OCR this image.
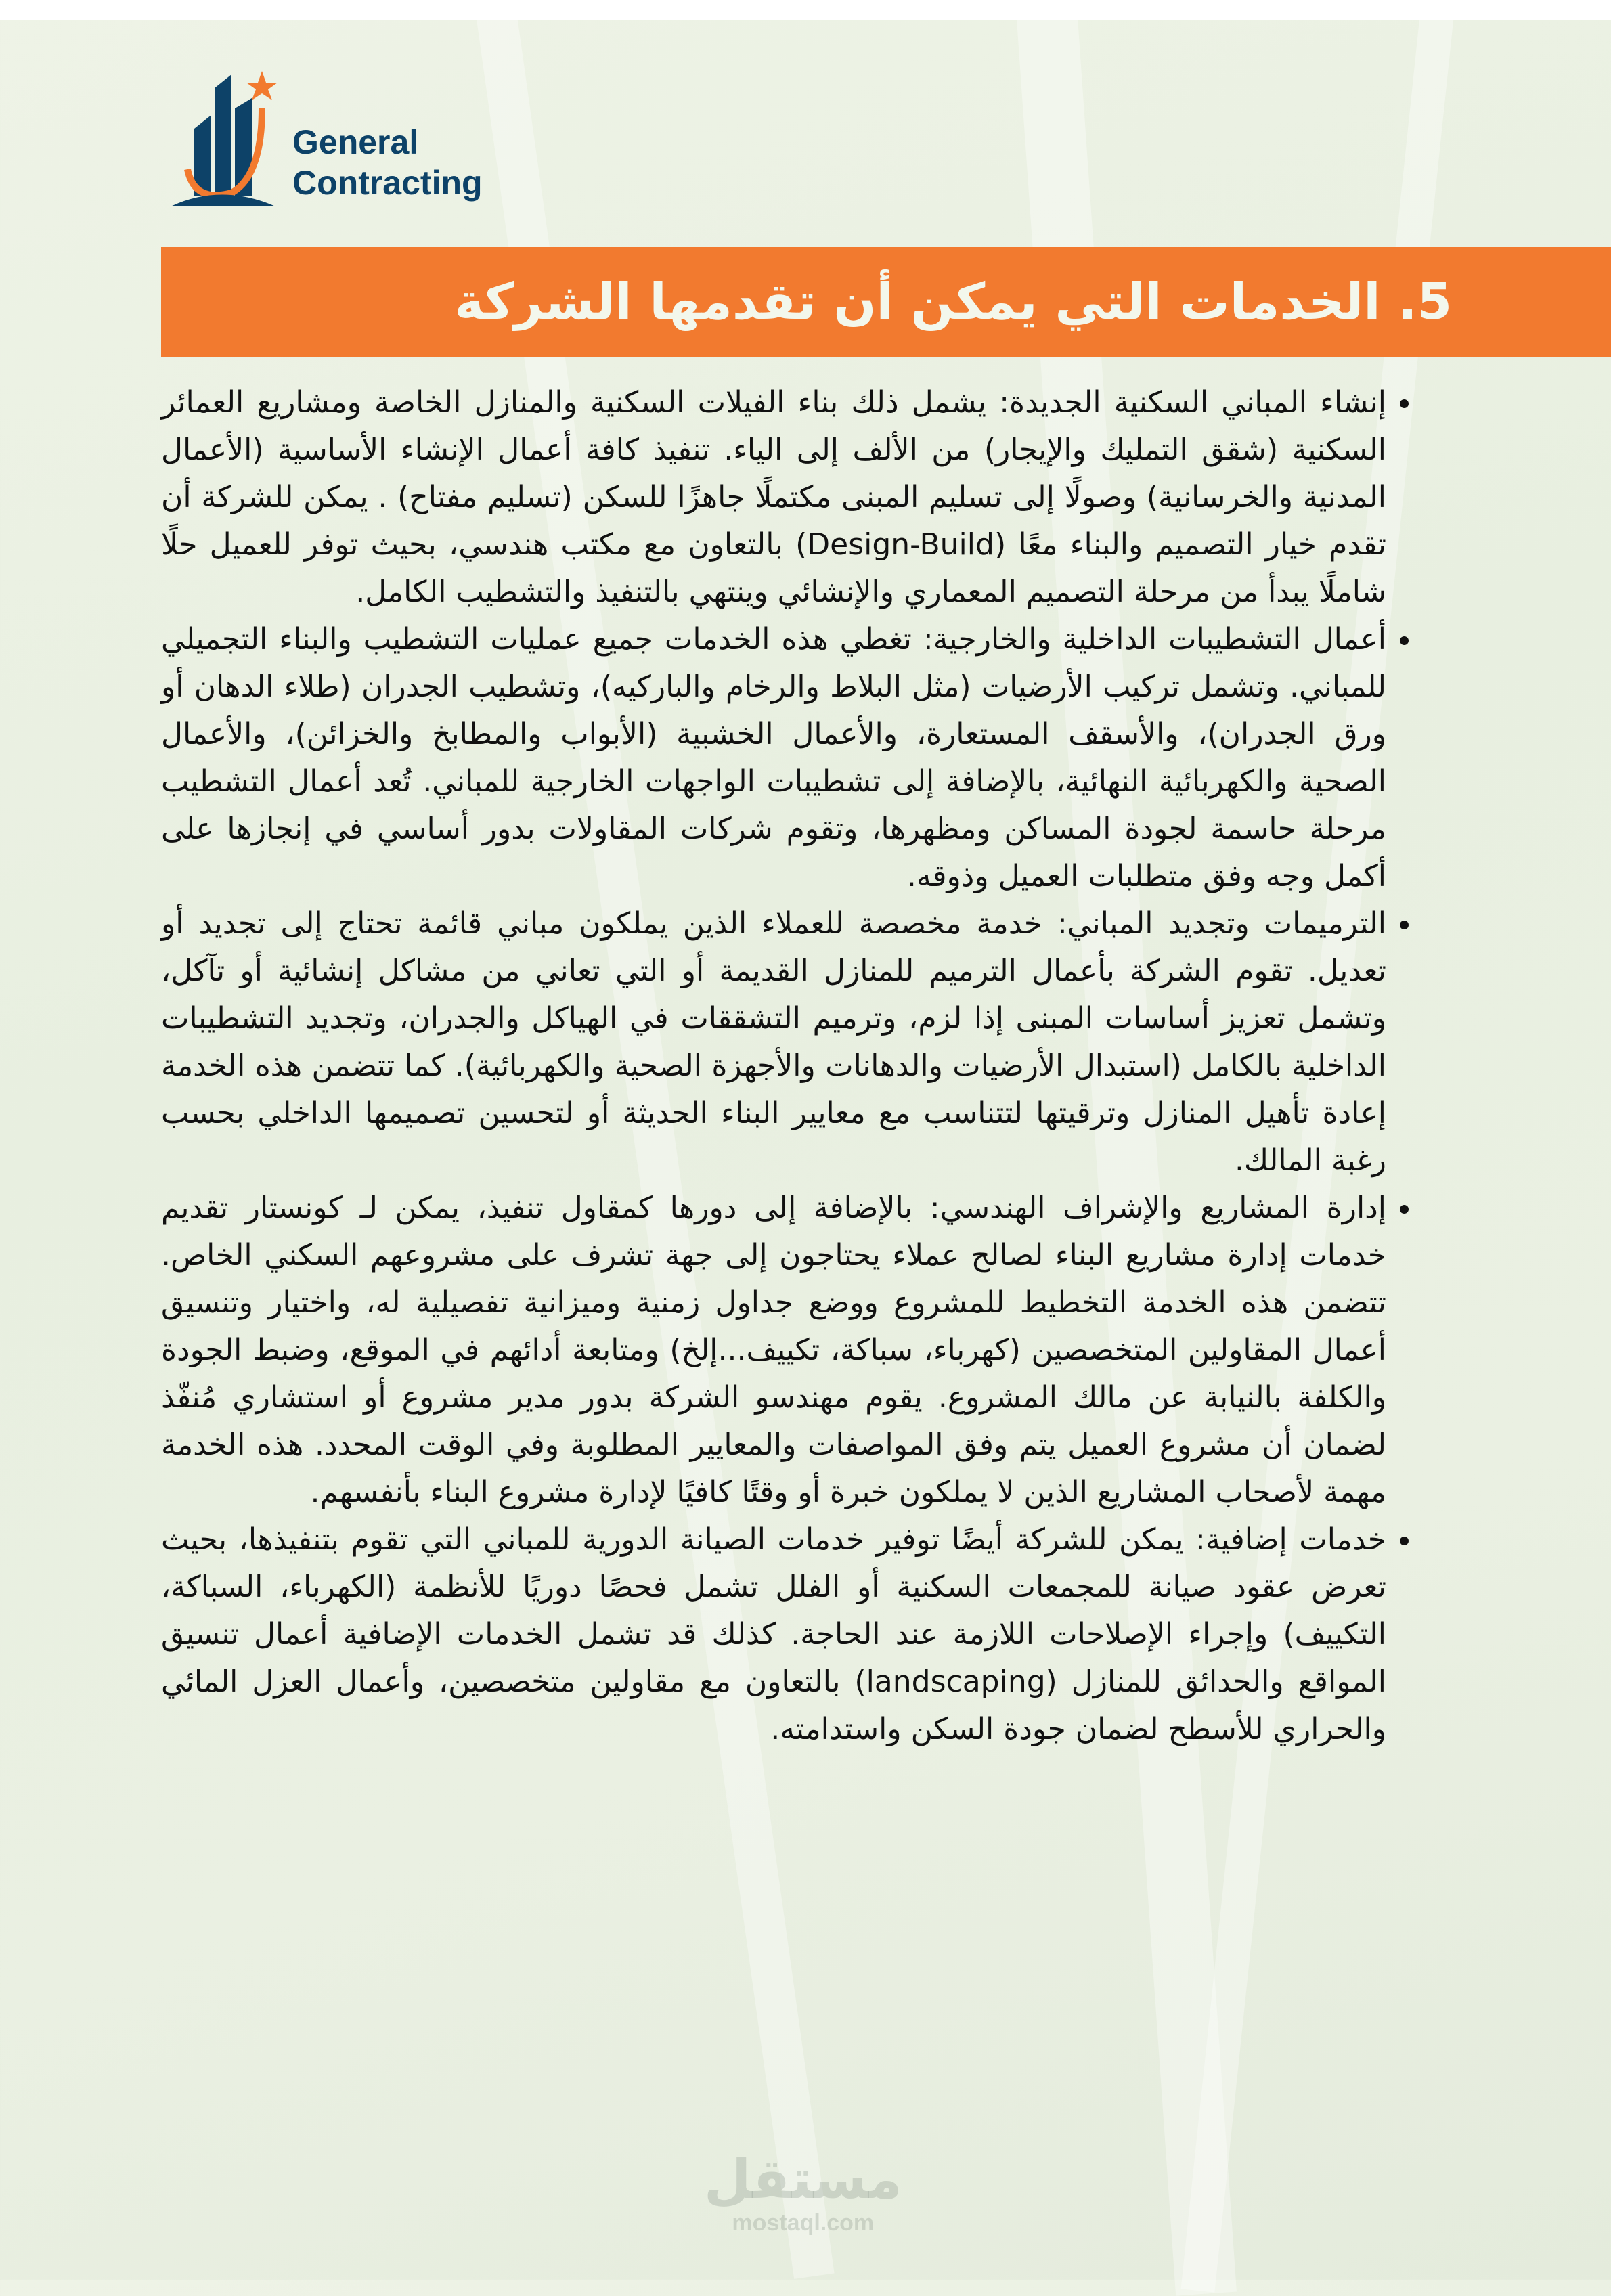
General
Contracting
5. الخدمات التي يمكن أن تقدمها الشركة
• إنشاء المباني السكنية الجديدة: يشمل ذلك بناء الفيلات السكنية والمنازل الخاصة ومشاريع العمائر السكنية (شقق التمليك والإيجار) من الألف إلى الياء. تنفيذ كافة أعمال الإنشاء الأساسية (الأعمال المدنية والخرسانية) وصولًا إلى تسليم المبنى مكتملًا جاهزًا للسكن (تسليم مفتاح) . يمكن للشركة أن تقدم خيار التصميم والبناء معًا (Design-Build) بالتعاون مع مكتب هندسي، بحيث توفر للعميل حلًا شاملًا يبدأ من مرحلة التصميم المعماري والإنشائي وينتهي بالتنفيذ والتشطيب الكامل.
• أعمال التشطيبات الداخلية والخارجية: تغطي هذه الخدمات جميع عمليات التشطيب والبناء التجميلي للمباني. وتشمل تركيب الأرضيات (مثل البلاط والرخام والباركيه)، وتشطيب الجدران (طلاء الدهان أو ورق الجدران)، والأسقف المستعارة، والأعمال الخشبية (الأبواب والمطابخ والخزائن)، والأعمال الصحية والكهربائية النهائية، بالإضافة إلى تشطيبات الواجهات الخارجية للمباني. تُعد أعمال التشطيب مرحلة حاسمة لجودة المساكن ومظهرها، وتقوم شركات المقاولات بدور أساسي في إنجازها على أكمل وجه وفق متطلبات العميل وذوقه.
• الترميمات وتجديد المباني: خدمة مخصصة للعملاء الذين يملكون مباني قائمة تحتاج إلى تجديد أو تعديل. تقوم الشركة بأعمال الترميم للمنازل القديمة أو التي تعاني من مشاكل إنشائية أو تآكل، وتشمل تعزيز أساسات المبنى إذا لزم، وترميم التشققات في الهياكل والجدران، وتجديد التشطيبات الداخلية بالكامل (استبدال الأرضيات والدهانات والأجهزة الصحية والكهربائية). كما تتضمن هذه الخدمة إعادة تأهيل المنازل وترقيتها لتتناسب مع معايير البناء الحديثة أو لتحسين تصميمها الداخلي بحسب رغبة المالك.
• إدارة المشاريع والإشراف الهندسي: بالإضافة إلى دورها كمقاول تنفيذ، يمكن لـ كونستار تقديم خدمات إدارة مشاريع البناء لصالح عملاء يحتاجون إلى جهة تشرف على مشروعهم السكني الخاص. تتضمن هذه الخدمة التخطيط للمشروع ووضع جداول زمنية وميزانية تفصيلية له، واختيار وتنسيق أعمال المقاولين المتخصصين (كهرباء، سباكة، تكييف...إلخ) ومتابعة أدائهم في الموقع، وضبط الجودة والكلفة بالنيابة عن مالك المشروع. يقوم مهندسو الشركة بدور مدير مشروع أو استشاري مُنفّذ لضمان أن مشروع العميل يتم وفق المواصفات والمعايير المطلوبة وفي الوقت المحدد. هذه الخدمة مهمة لأصحاب المشاريع الذين لا يملكون خبرة أو وقتًا كافيًا لإدارة مشروع البناء بأنفسهم.
• خدمات إضافية: يمكن للشركة أيضًا توفير خدمات الصيانة الدورية للمباني التي تقوم بتنفيذها، بحيث تعرض عقود صيانة للمجمعات السكنية أو الفلل تشمل فحصًا دوريًا للأنظمة (الكهرباء، السباكة، التكييف) وإجراء الإصلاحات اللازمة عند الحاجة. كذلك قد تشمل الخدمات الإضافية أعمال تنسيق المواقع والحدائق للمنازل (landscaping) بالتعاون مع مقاولين متخصصين، وأعمال العزل المائي والحراري للأسطح لضمان جودة السكن واستدامته.
مستقل
mostaql.com
